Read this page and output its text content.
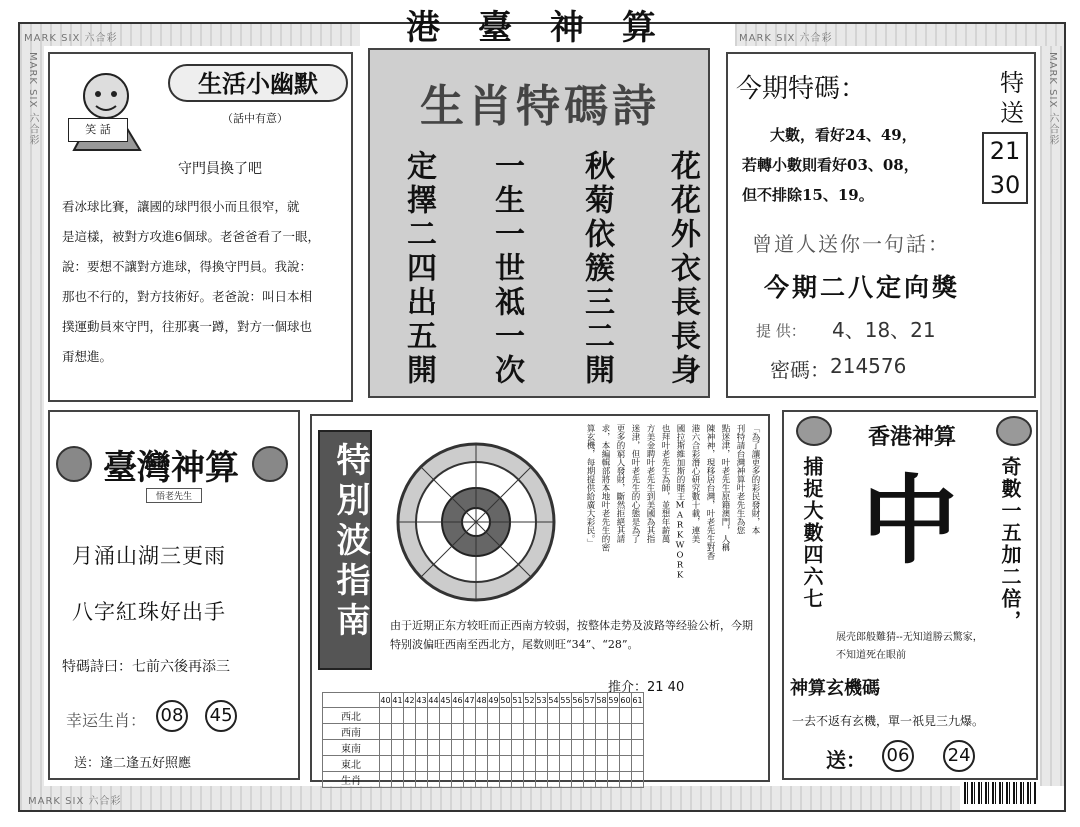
MARK SIX 六合彩	MARK SIX 六合彩
MARK SIX 六合彩
MARK SIX 六合彩	MARK SIX 六合彩
港臺神算
笑 話
生活小幽默
（話中有意）
守門員換了吧
看冰球比賽，讓國的球門很小而且很窄，就
是這樣，被對方攻進6個球。老爸爸看了一眼，
說：要想不讓對方進球，得換守門員。我說：
那也不行的，對方技術好。老爸說：叫日本相
撲運動員來守門，往那裏一蹲，對方一個球也
甭想進。
生肖特碼詩
花花外衣長長身
秋菊依簇三二開
一生一世祗一次
定擇二四出五開
今期特碼：	特送
21
30
大數，看好24、49，
若轉小數則看好03、08，
但不排除15、19。
曾道人送你一句話：
今期二八定向獎
提 供： 4、18、21
密碼： 214576
臺灣神算
悟老先生
月涌山湖三更雨
八字紅珠好出手
特碼詩曰：七前六後再添三
幸运生肖： 08 45
送：逢二逢五好照應
特別波指南	「為了讓更多的彩民發財，本
刊特請台灣神算叶老先生為您
點迷津，叶老先生原籍澳門，人稱
陳神神，現移居台灣，叶老先生對香
港六合彩潛心研究數十載，連美
國拉斯維加斯的賭王MARKWORK
也拜叶老先生為師，並想年薪萬
方美金聘叶老先生到美國為其指
迷津，但叶老先生的心態是為了
更多的窮人發財，斷然拒絕其請
求，本編輯部將本地叶老先生的密
算玄機，每期提供給廣大彩民。」
由于近期正东方较旺而正西南方较弱，按整体走势及波路等经验公析，今期特别波偏旺西南至西北方，尾数则旺“34”、“28”。
推介：21 40
	40	41	42	43	44	45	46	47	48	49	50	51	52	53	54	55	56	57	58	59	60	61
西北																						
西南																						
東南																						
東北																						
生肖																						
香港神算
捕捉大數四六七 中	奇數一五加二倍，
展壳郎般難猜--无知道勝云驚家，
不知道死在眼前
神算玄機碼
一去不返有玄機，單一祇見三九爆。
送： 06 24
